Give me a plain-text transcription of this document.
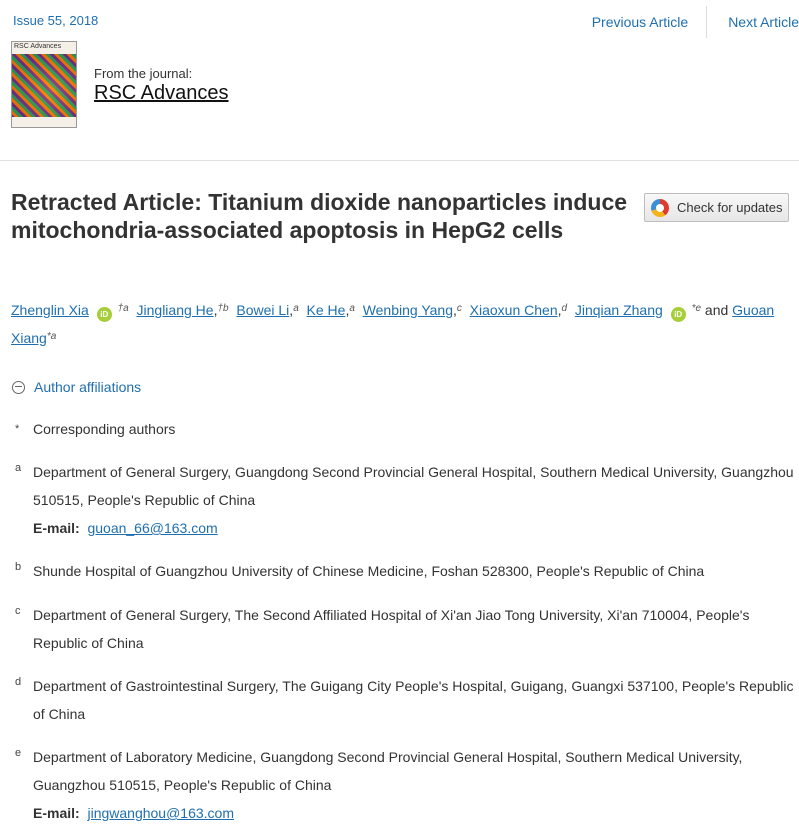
Issue 55, 2018	Previous Article	Next Article
RSC Advances
From the journal:
RSC Advances
Retracted Article: Titanium dioxide nanoparticles induce mitochondria-associated apoptosis in HepG2 cells
Check for updates
Zhenglin Xia iD $^{\dagger a}$ Jingliang He,$^{\dagger b}$ Bowei Li,$^a$ Ke He,$^a$ Wenbing Yang,$^c$ Xiaoxun Chen,$^d$ Jinqian Zhang iD $^{*e}$ and Guoan Xiang$^{*a}$
Author affiliations
* Corresponding authors
a Department of General Surgery, Guangdong Second Provincial General Hospital, Southern Medical University, Guangzhou 510515, People's Republic of China
E-mail: guoan_66@163.com
b Shunde Hospital of Guangzhou University of Chinese Medicine, Foshan 528300, People's Republic of China
c Department of General Surgery, The Second Affiliated Hospital of Xi'an Jiao Tong University, Xi'an 710004, People's Republic of China
d Department of Gastrointestinal Surgery, The Guigang City People's Hospital, Guigang, Guangxi 537100, People's Republic of China
e Department of Laboratory Medicine, Guangdong Second Provincial General Hospital, Southern Medical University, Guangzhou 510515, People's Republic of China
E-mail: jingwanghou@163.com
